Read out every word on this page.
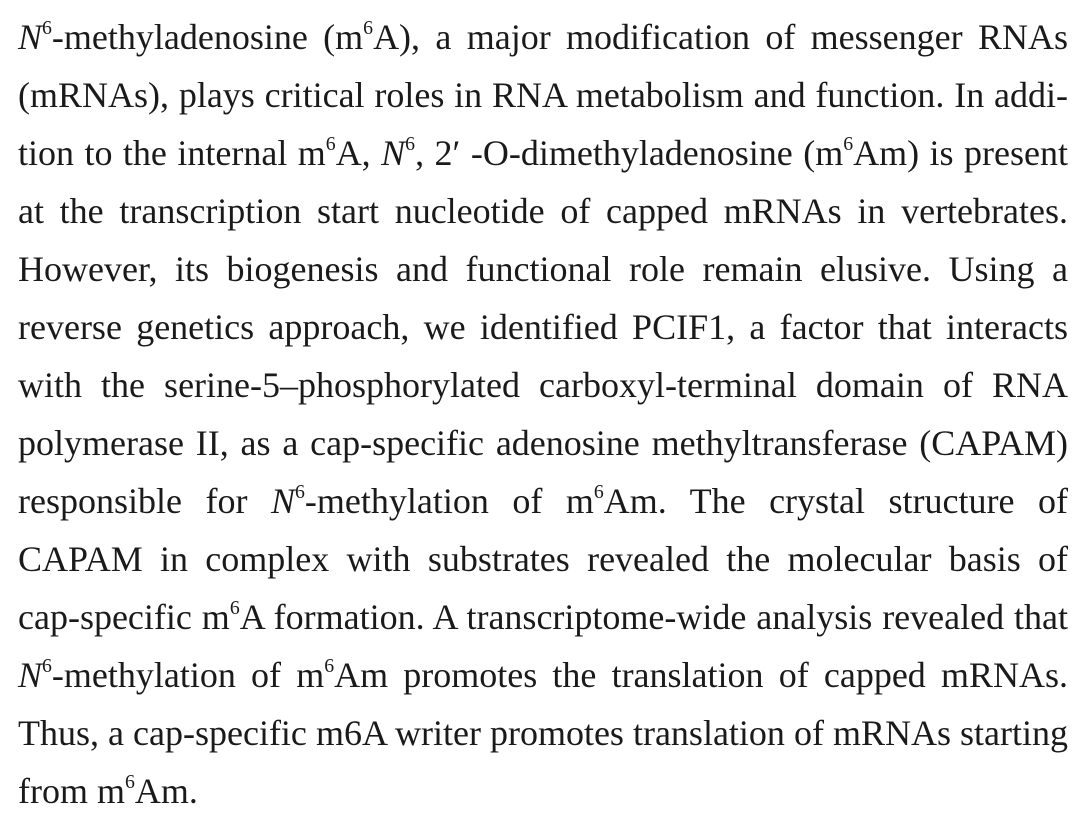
$N^6$-methyladenosine $(m^6A)$, a major modification of messenger RNAs
(mRNAs), plays critical roles in RNA metabolism and function. In addi-
tion to the internal $m^6A$, $N^6$, 2′ -O-dimethyladenosine $(m^6Am)$ is present
at the transcription start nucleotide of capped mRNAs in vertebrates.
However, its biogenesis and functional role remain elusive. Using a
reverse genetics approach, we identified PCIF1, a factor that interacts
with the serine-5–phosphorylated carboxyl-terminal domain of RNA
polymerase II, as a cap-specific adenosine methyltransferase (CAPAM)
responsible for $N^6$-methylation of $m^6Am$. The crystal structure of
CAPAM in complex with substrates revealed the molecular basis of
cap-specific $m^6A$ formation. A transcriptome-wide analysis revealed that
$N^6$-methylation of $m^6Am$ promotes the translation of capped mRNAs.
Thus, a cap-specific m6A writer promotes translation of mRNAs starting
from $m^6Am$.
